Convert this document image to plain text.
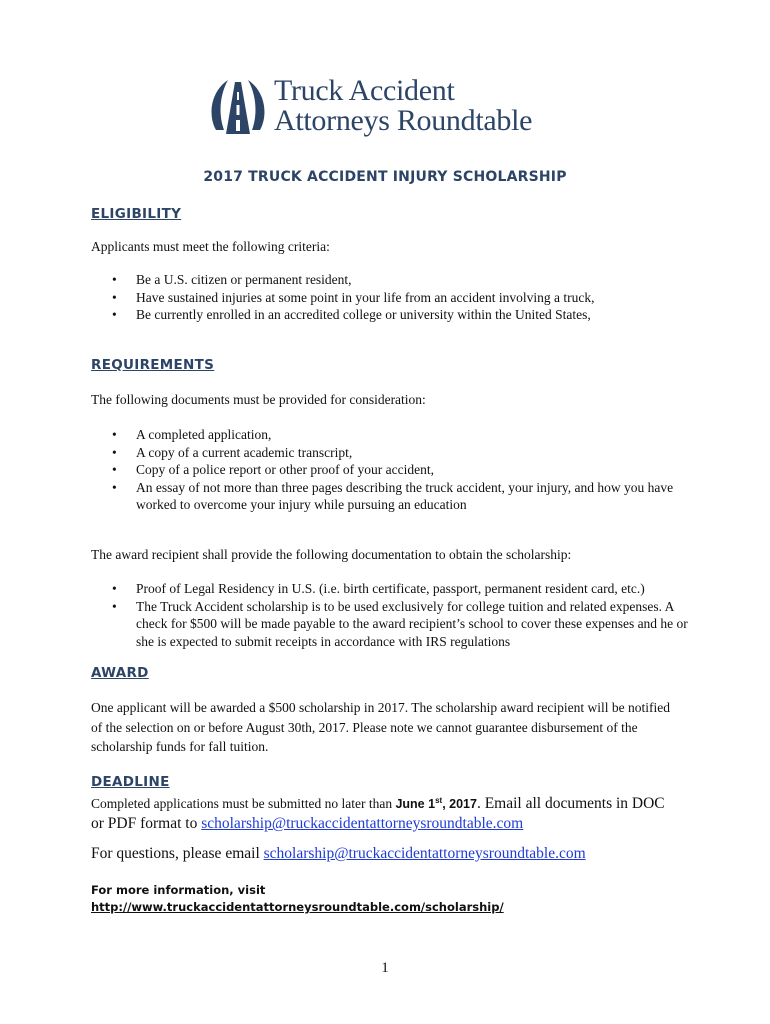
Truck Accident
Attorneys Roundtable
2017 TRUCK ACCIDENT INJURY SCHOLARSHIP
ELIGIBILITY
Applicants must meet the following criteria:
• Be a U.S. citizen or permanent resident,
• Have sustained injuries at some point in your life from an accident involving a truck,
• Be currently enrolled in an accredited college or university within the United States,
REQUIREMENTS
The following documents must be provided for consideration:
• A completed application,
• A copy of a current academic transcript,
• Copy of a police report or other proof of your accident,
• An essay of not more than three pages describing the truck accident, your injury, and how you have worked to overcome your injury while pursuing an education
The award recipient shall provide the following documentation to obtain the scholarship:
• Proof of Legal Residency in U.S. (i.e. birth certificate, passport, permanent resident card, etc.)
• The Truck Accident scholarship is to be used exclusively for college tuition and related expenses. A check for $500 will be made payable to the award recipient’s school to cover these expenses and he or she is expected to submit receipts in accordance with IRS regulations
AWARD
One applicant will be awarded a $500 scholarship in 2017. The scholarship award recipient will be notified of the selection on or before August 30th, 2017. Please note we cannot guarantee disbursement of the scholarship funds for fall tuition.
DEADLINE
Completed applications must be submitted no later than June 1st, 2017. Email all documents in DOC
or PDF format to scholarship@truckaccidentattorneysroundtable.com
For questions, please email scholarship@truckaccidentattorneysroundtable.com
For more information, visit
http://www.truckaccidentattorneysroundtable.com/scholarship/
1
